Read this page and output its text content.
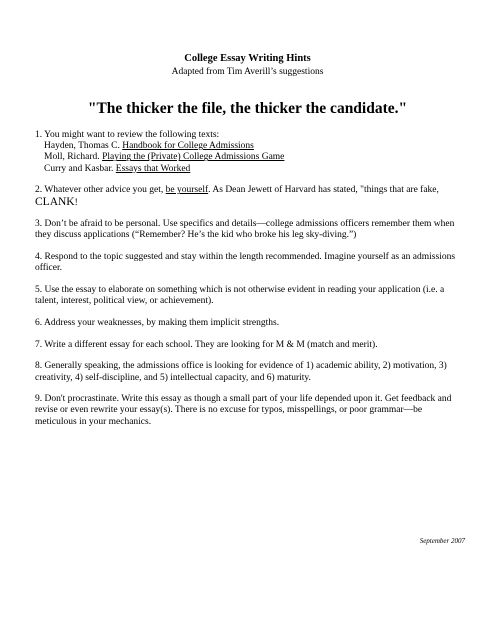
College Essay Writing Hints
Adapted from Tim Averill’s suggestions
"The thicker the file, the thicker the candidate."
1. You might want to review the following texts:
Hayden, Thomas C. Handbook for College Admissions
Moll, Richard. Playing the (Private) College Admissions Game
Curry and Kasbar. Essays that Worked
2. Whatever other advice you get, be yourself. As Dean Jewett of Harvard has stated, "things that are fake, CLANK!
3. Don’t be afraid to be personal. Use specifics and details—college admissions officers remember them when they discuss applications (“Remember? He’s the kid who broke his leg sky-diving.”)
4. Respond to the topic suggested and stay within the length recommended. Imagine yourself as an admissions officer.
5. Use the essay to elaborate on something which is not otherwise evident in reading your application (i.e. a talent, interest, political view, or achievement).
6. Address your weaknesses, by making them implicit strengths.
7. Write a different essay for each school. They are looking for M & M (match and merit).
8. Generally speaking, the admissions office is looking for evidence of 1) academic ability, 2) motivation, 3) creativity, 4) self-discipline, and 5) intellectual capacity, and 6) maturity.
9. Don't procrastinate. Write this essay as though a small part of your life depended upon it. Get feedback and revise or even rewrite your essay(s). There is no excuse for typos, misspellings, or poor grammar—be meticulous in your mechanics.
September 2007
